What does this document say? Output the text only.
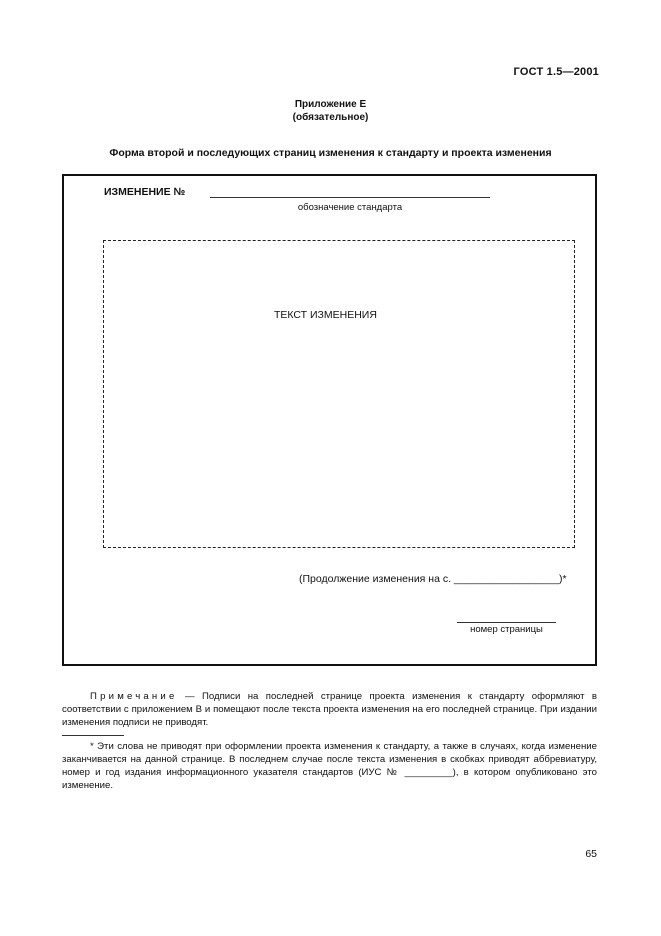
ГОСТ 1.5—2001
Приложение Е
(обязательное)
Форма второй и последующих страниц изменения к стандарту и проекта изменения
ИЗМЕНЕНИЕ №
обозначение стандарта
ТЕКСТ ИЗМЕНЕНИЯ
(Продолжение изменения на с. __________________)*
номер страницы
Примечание — Подписи на последней странице проекта изменения к стандарту оформляют в соответствии с приложением В и помещают после текста проекта изменения на его последней странице. При издании изменения подписи не приводят.
* Эти слова не приводят при оформлении проекта изменения к стандарту, а также в случаях, когда изменение заканчивается на данной странице. В последнем случае после текста изменения в скобках приводят аббревиатуру, номер и год издания информационного указателя стандартов (ИУС № _________), в котором опубликовано это изменение.
65
